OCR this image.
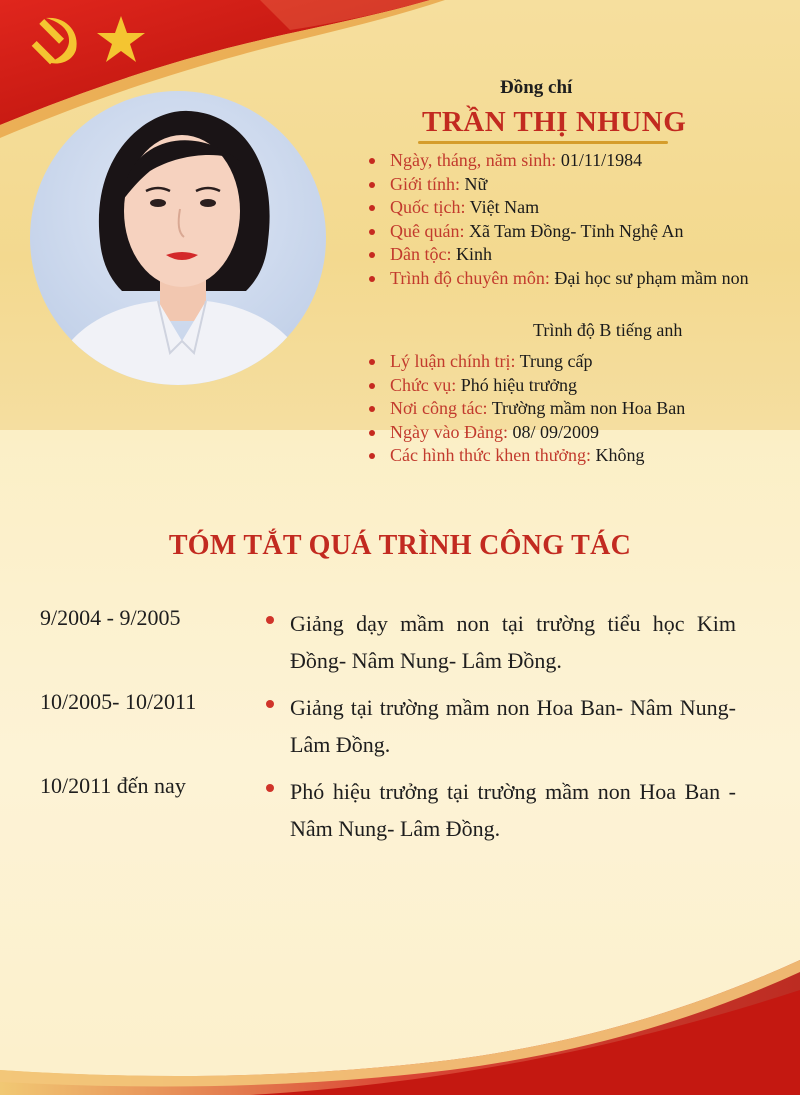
Đồng chí
TRẦN THỊ NHUNG
Ngày, tháng, năm sinh: 01/11/1984
Giới tính: Nữ
Quốc tịch: Việt Nam
Quê quán: Xã Tam Đồng- Tỉnh Nghệ An
Dân tộc: Kinh
Trình độ chuyên môn: Đại học sư phạm mầm non
Trình độ B tiếng anh
Lý luận chính trị: Trung cấp
Chức vụ: Phó hiệu trưởng
Nơi công tác: Trường mầm non Hoa Ban
Ngày vào Đảng: 08/ 09/2009
Các hình thức khen thưởng: Không
TÓM TẮT QUÁ TRÌNH CÔNG TÁC
9/2004 - 9/2005	Giảng dạy mầm non tại trường tiểu học Kim Đồng- Nâm Nung- Lâm Đồng.
10/2005- 10/2011	Giảng tại trường mầm non Hoa Ban- Nâm Nung- Lâm Đồng.
10/2011 đến nay	Phó hiệu trưởng tại trường mầm non Hoa Ban - Nâm Nung- Lâm Đồng.
